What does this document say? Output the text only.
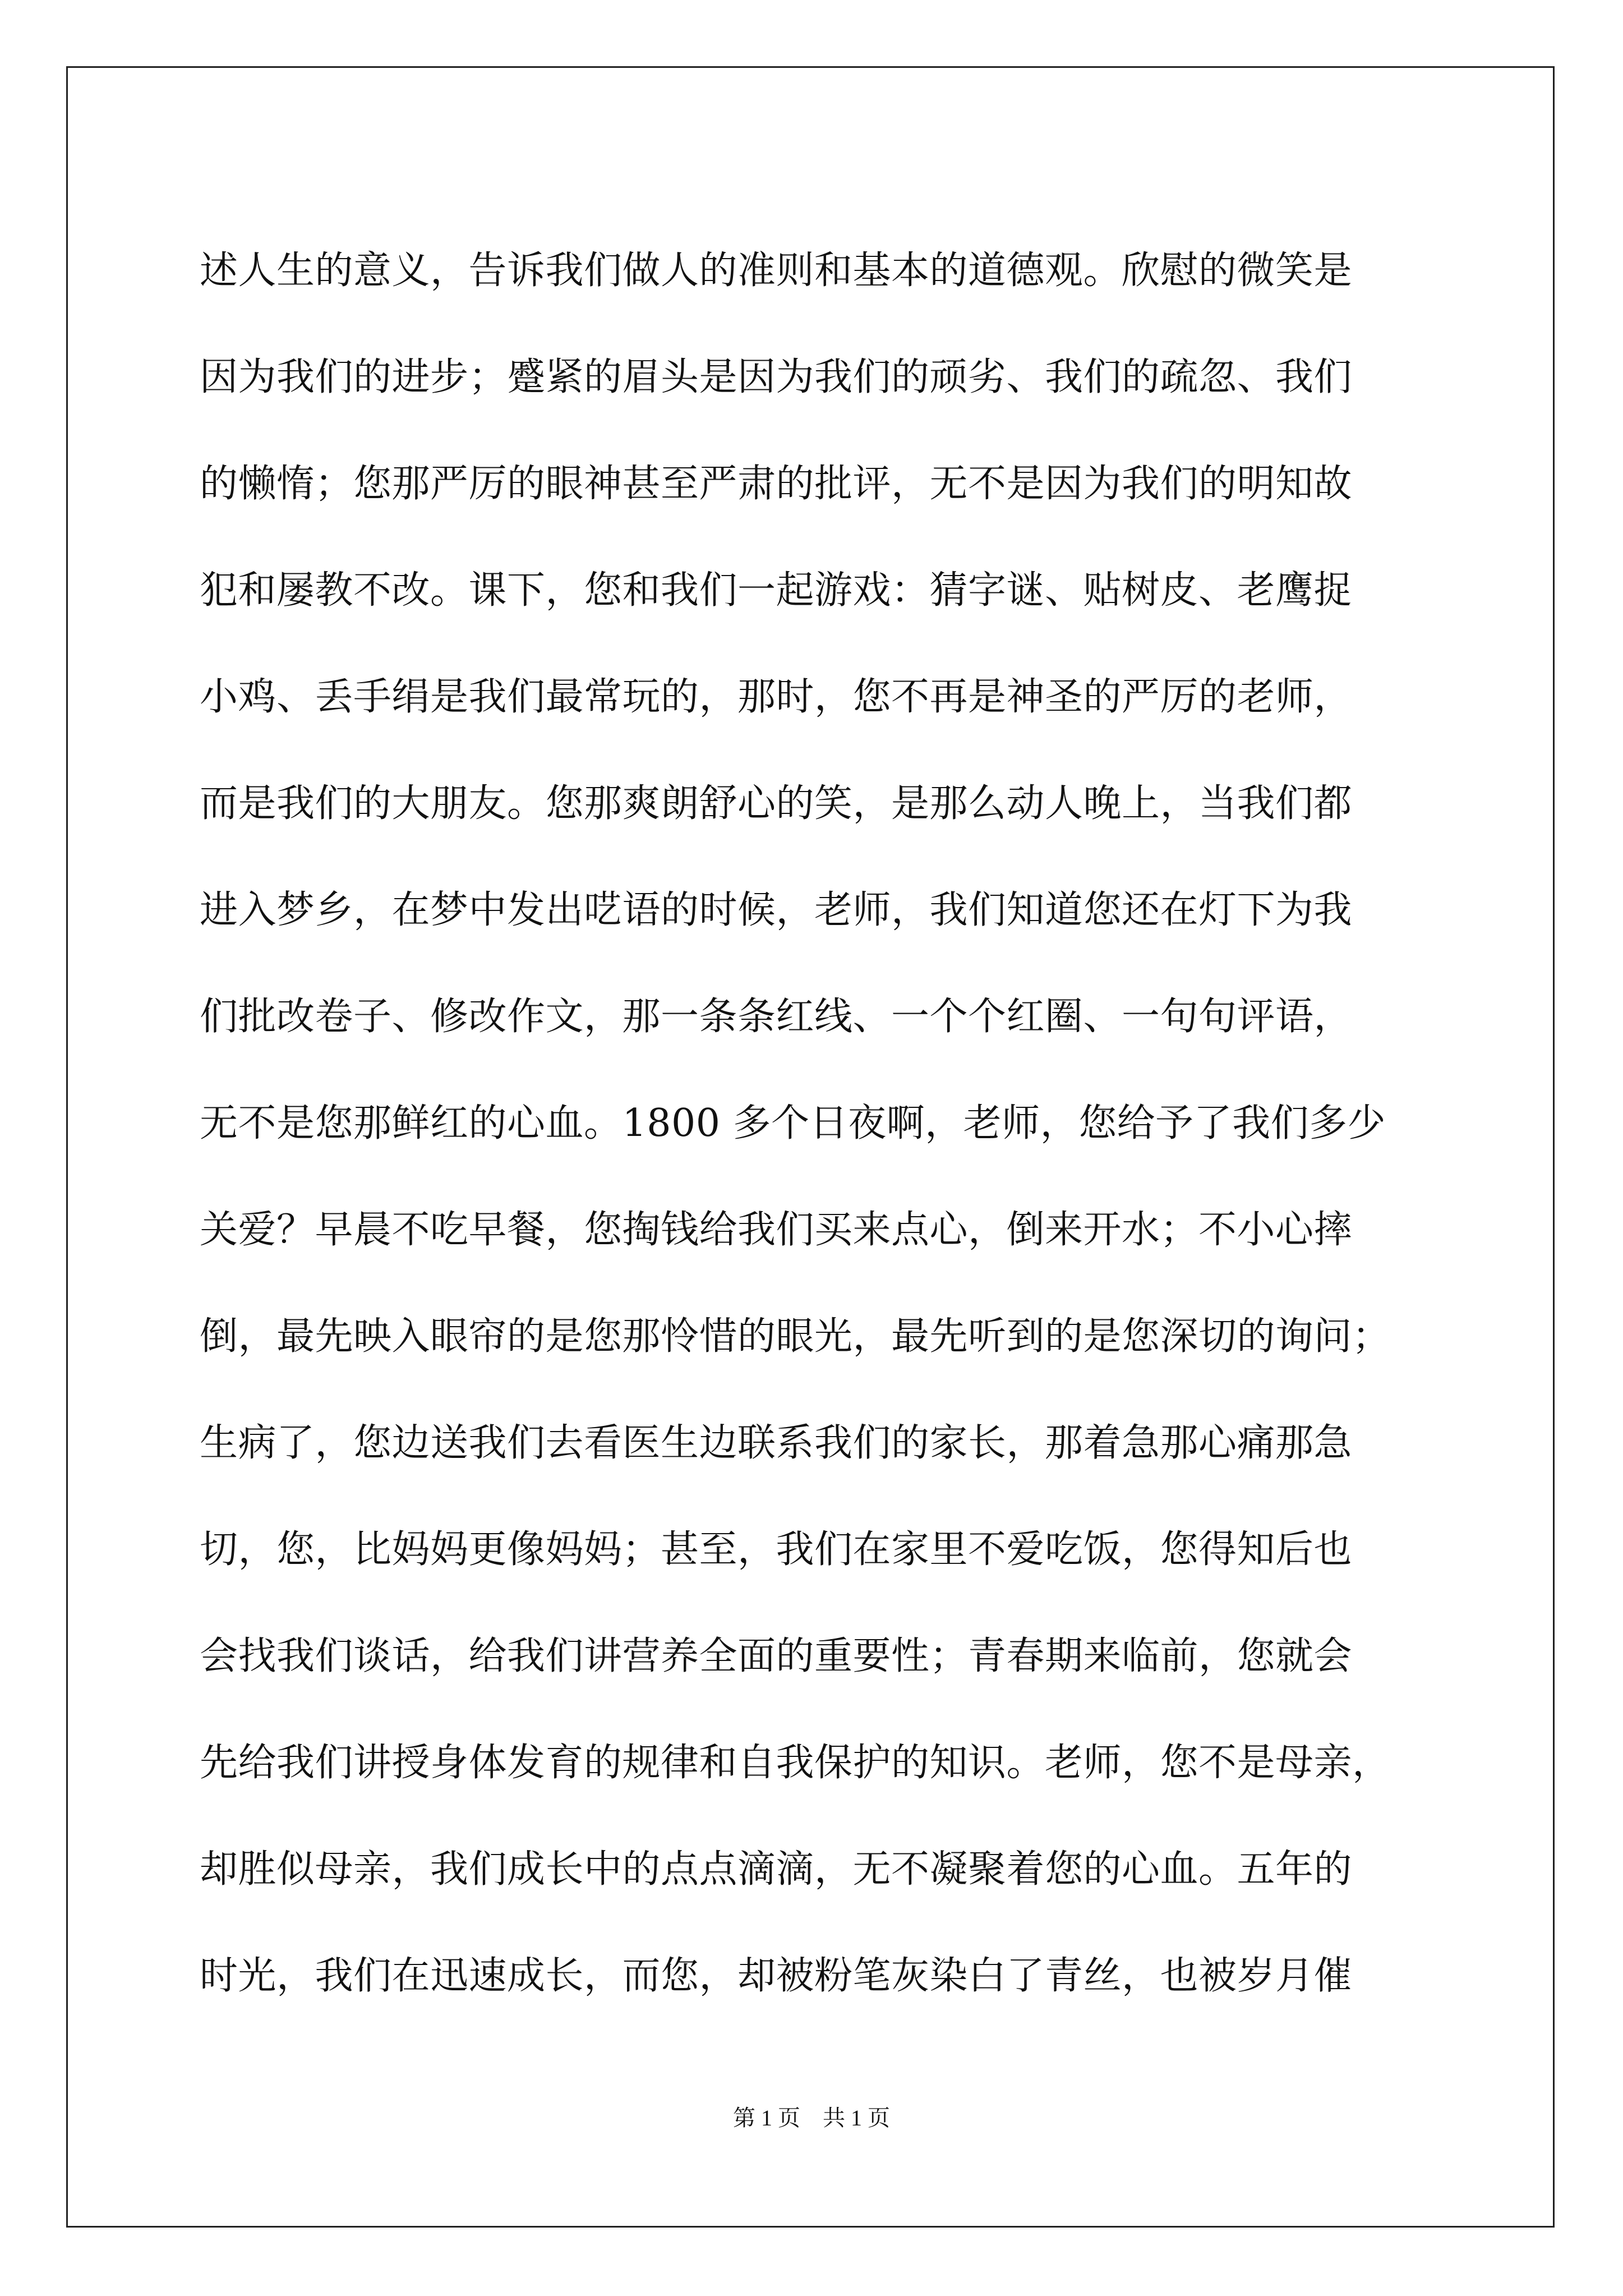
述人生的意义，告诉我们做人的准则和基本的道德观。欣慰的微笑是
因为我们的进步；蹙紧的眉头是因为我们的顽劣、我们的疏忽、我们
的懒惰；您那严厉的眼神甚至严肃的批评，无不是因为我们的明知故
犯和屡教不改。课下，您和我们一起游戏：猜字谜、贴树皮、老鹰捉
小鸡、丢手绢是我们最常玩的，那时，您不再是神圣的严厉的老师，
而是我们的大朋友。您那爽朗舒心的笑，是那么动人晚上，当我们都
进入梦乡，在梦中发出呓语的时候，老师，我们知道您还在灯下为我
们批改卷子、修改作文，那一条条红线、一个个红圈、一句句评语，
无不是您那鲜红的心血。1800 多个日夜啊，老师，您给予了我们多少
关爱？早晨不吃早餐，您掏钱给我们买来点心，倒来开水；不小心摔
倒，最先映入眼帘的是您那怜惜的眼光，最先听到的是您深切的询问；
生病了，您边送我们去看医生边联系我们的家长，那着急那心痛那急
切，您，比妈妈更像妈妈；甚至，我们在家里不爱吃饭，您得知后也
会找我们谈话，给我们讲营养全面的重要性；青春期来临前，您就会
先给我们讲授身体发育的规律和自我保护的知识。老师，您不是母亲，
却胜似母亲，我们成长中的点点滴滴，无不凝聚着您的心血。五年的
时光，我们在迅速成长，而您，却被粉笔灰染白了青丝，也被岁月催
第 1 页　共 1 页
